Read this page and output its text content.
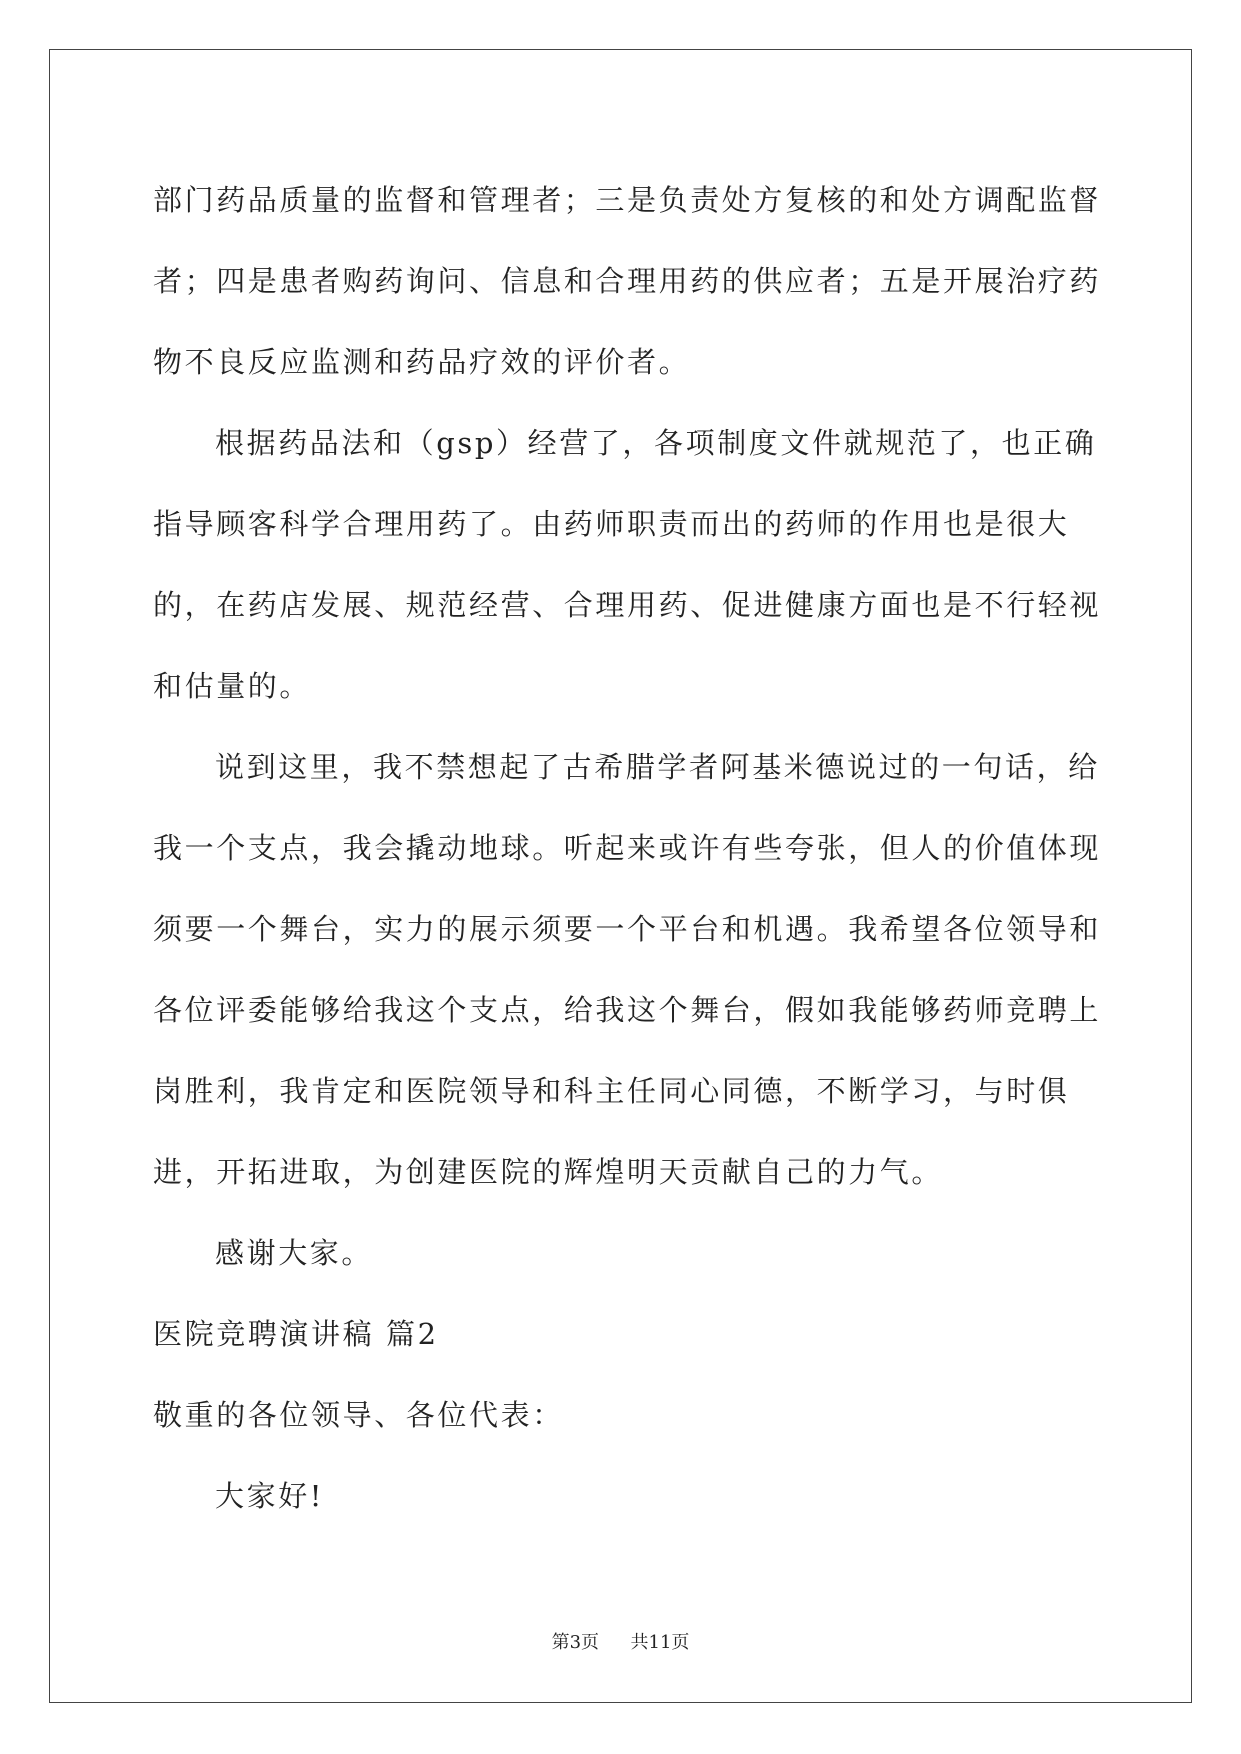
部门药品质量的监督和管理者；三是负责处方复核的和处方调配监督者；四是患者购药询问、信息和合理用药的供应者；五是开展治疗药物不良反应监测和药品疗效的评价者。

根据药品法和（gsp）经营了，各项制度文件就规范了，也正确指导顾客科学合理用药了。由药师职责而出的药师的作用也是很大的，在药店发展、规范经营、合理用药、促进健康方面也是不行轻视和估量的。

说到这里，我不禁想起了古希腊学者阿基米德说过的一句话，给我一个支点，我会撬动地球。听起来或许有些夸张，但人的价值体现须要一个舞台，实力的展示须要一个平台和机遇。我希望各位领导和各位评委能够给我这个支点，给我这个舞台，假如我能够药师竞聘上岗胜利，我肯定和医院领导和科主任同心同德，不断学习，与时俱进，开拓进取，为创建医院的辉煌明天贡献自己的力气。

感谢大家。

医院竞聘演讲稿 篇2

敬重的各位领导、各位代表：

大家好!

第3页 共11页
